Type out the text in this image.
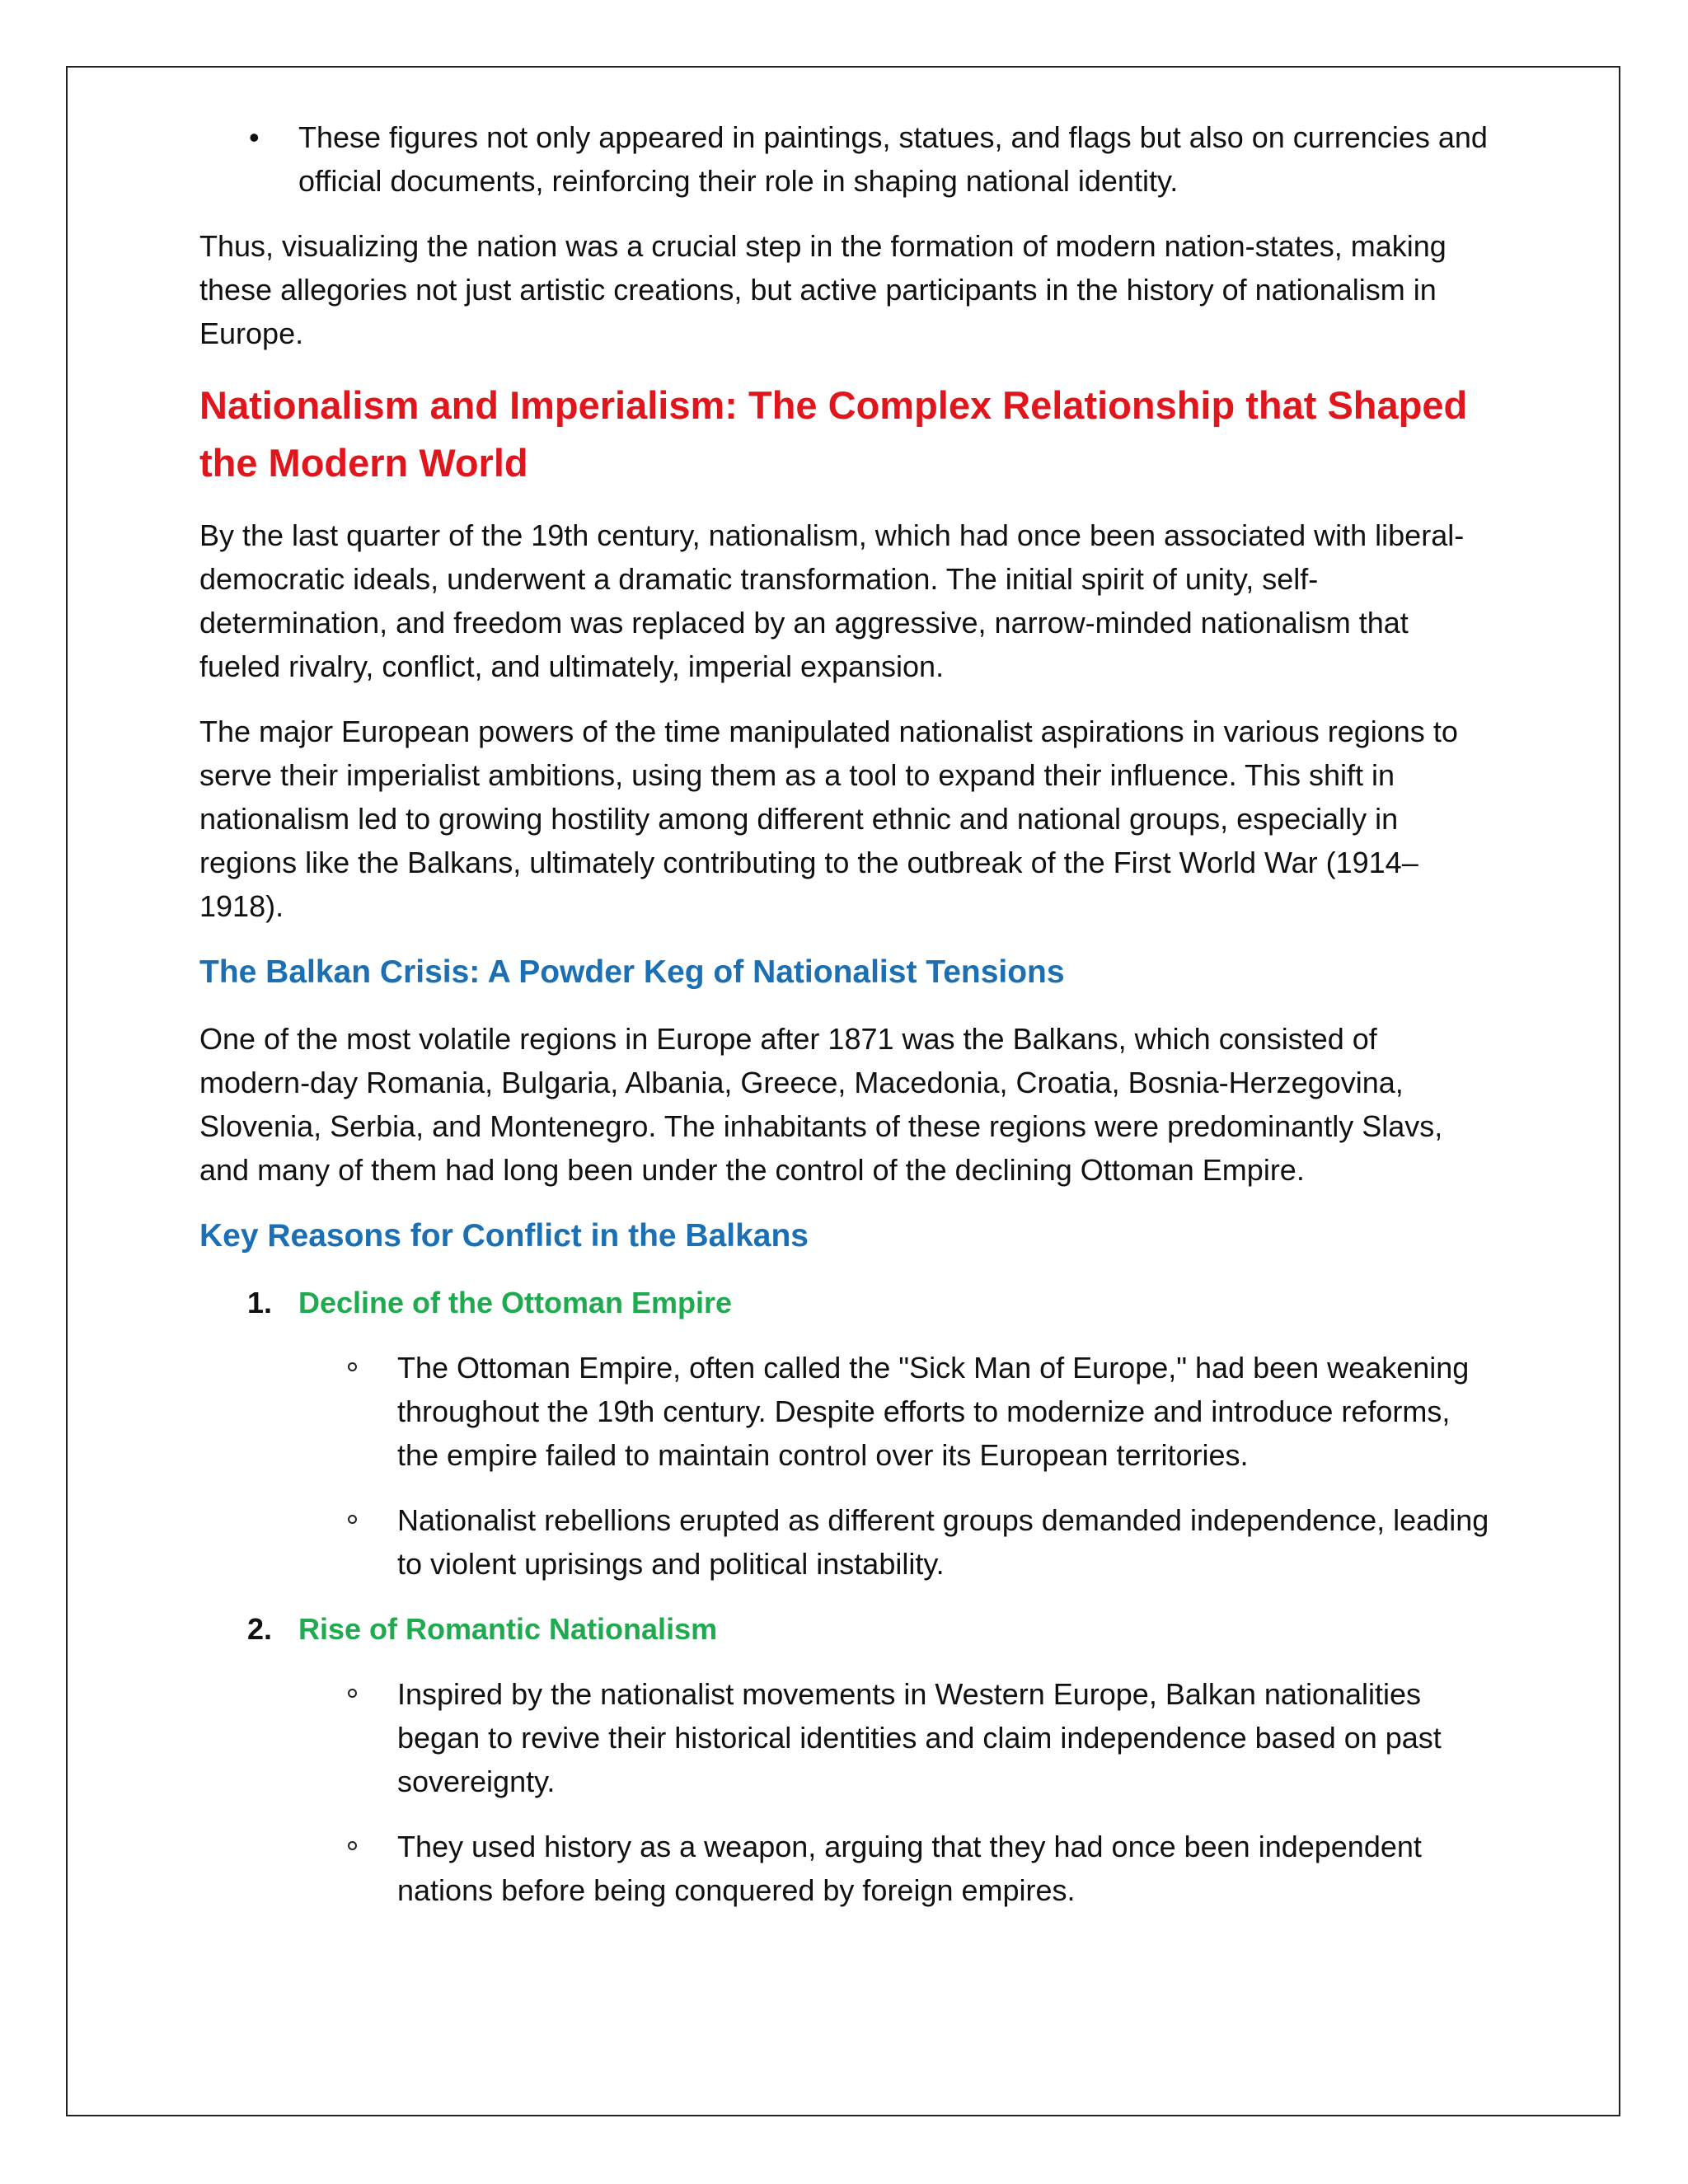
• These figures not only appeared in paintings, statues, and flags but also on currencies and official documents, reinforcing their role in shaping national identity.

Thus, visualizing the nation was a crucial step in the formation of modern nation-states, making these allegories not just artistic creations, but active participants in the history of nationalism in Europe.

Nationalism and Imperialism: The Complex Relationship that Shaped the Modern World

By the last quarter of the 19th century, nationalism, which had once been associated with liberal-democratic ideals, underwent a dramatic transformation. The initial spirit of unity, self-determination, and freedom was replaced by an aggressive, narrow-minded nationalism that fueled rivalry, conflict, and ultimately, imperial expansion.

The major European powers of the time manipulated nationalist aspirations in various regions to serve their imperialist ambitions, using them as a tool to expand their influence. This shift in nationalism led to growing hostility among different ethnic and national groups, especially in regions like the Balkans, ultimately contributing to the outbreak of the First World War (1914–1918).

The Balkan Crisis: A Powder Keg of Nationalist Tensions

One of the most volatile regions in Europe after 1871 was the Balkans, which consisted of modern-day Romania, Bulgaria, Albania, Greece, Macedonia, Croatia, Bosnia-Herzegovina, Slovenia, Serbia, and Montenegro. The inhabitants of these regions were predominantly Slavs, and many of them had long been under the control of the declining Ottoman Empire.

Key Reasons for Conflict in the Balkans
1. Decline of the Ottoman Empire
The Ottoman Empire, often called the "Sick Man of Europe," had been weakening throughout the 19th century. Despite efforts to modernize and introduce reforms, the empire failed to maintain control over its European territories.
Nationalist rebellions erupted as different groups demanded independence, leading to violent uprisings and political instability.
2. Rise of Romantic Nationalism
Inspired by the nationalist movements in Western Europe, Balkan nationalities began to revive their historical identities and claim independence based on past sovereignty.
They used history as a weapon, arguing that they had once been independent nations before being conquered by foreign empires.
